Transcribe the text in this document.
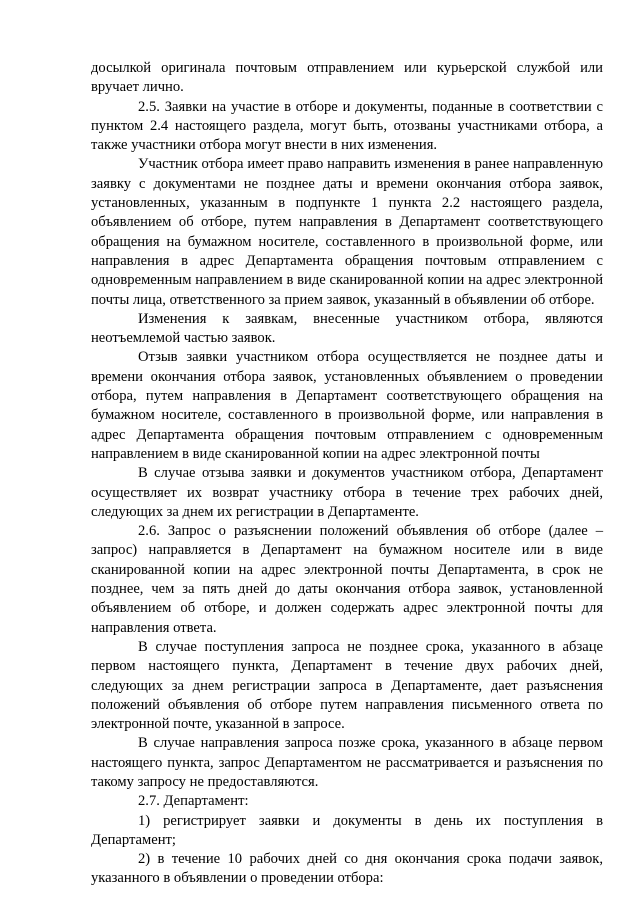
досылкой оригинала почтовым отправлением или курьерской службой или вручает лично.

2.5. Заявки на участие в отборе и документы, поданные в соответствии с пунктом 2.4 настоящего раздела, могут быть, отозваны участниками отбора, а также участники отбора могут внести в них изменения.

Участник отбора имеет право направить изменения в ранее направленную заявку с документами не позднее даты и времени окончания отбора заявок, установленных, указанным в подпункте 1 пункта 2.2 настоящего раздела, объявлением об отборе, путем направления в Департамент соответствующего обращения на бумажном носителе, составленного в произвольной форме, или направления в адрес Департамента обращения почтовым отправлением с одновременным направлением в виде сканированной копии на адрес электронной почты лица, ответственного за прием заявок, указанный в объявлении об отборе.

Изменения к заявкам, внесенные участником отбора, являются неотъемлемой частью заявок.

Отзыв заявки участником отбора осуществляется не позднее даты и времени окончания отбора заявок, установленных объявлением о проведении отбора, путем направления в Департамент соответствующего обращения на бумажном носителе, составленного в произвольной форме, или направления в адрес Департамента обращения почтовым отправлением с одновременным направлением в виде сканированной копии на адрес электронной почты

В случае отзыва заявки и документов участником отбора, Департамент осуществляет их возврат участнику отбора в течение трех рабочих дней, следующих за днем их регистрации в Департаменте.

2.6. Запрос о разъяснении положений объявления об отборе (далее – запрос) направляется в Департамент на бумажном носителе или в виде сканированной копии на адрес электронной почты Департамента, в срок не позднее, чем за пять дней до даты окончания отбора заявок, установленной объявлением об отборе, и должен содержать адрес электронной почты для направления ответа.

В случае поступления запроса не позднее срока, указанного в абзаце первом настоящего пункта, Департамент в течение двух рабочих дней, следующих за днем регистрации запроса в Департаменте, дает разъяснения положений объявления об отборе путем направления письменного ответа по электронной почте, указанной в запросе.

В случае направления запроса позже срока, указанного в абзаце первом настоящего пункта, запрос Департаментом не рассматривается и разъяснения по такому запросу не предоставляются.

2.7. Департамент:

1) регистрирует заявки и документы в день их поступления в Департамент;

2) в течение 10 рабочих дней со дня окончания срока подачи заявок, указанного в объявлении о проведении отбора:
